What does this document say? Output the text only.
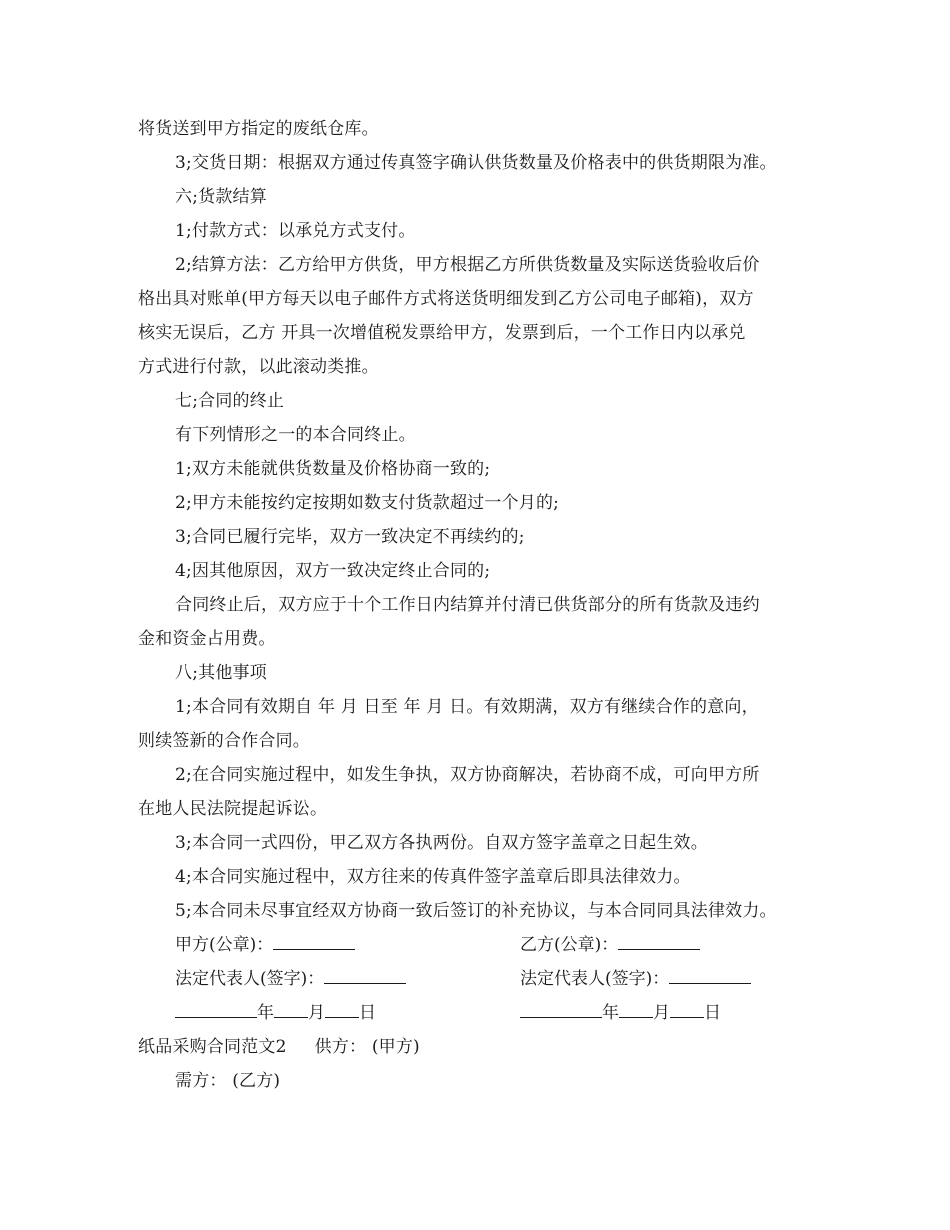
将货送到甲方指定的废纸仓库。
3;交货日期：根据双方通过传真签字确认供货数量及价格表中的供货期限为准。
六;货款结算
1;付款方式：以承兑方式支付。
2;结算方法：乙方给甲方供货，甲方根据乙方所供货数量及实际送货验收后价
格出具对账单(甲方每天以电子邮件方式将送货明细发到乙方公司电子邮箱)，双方
核实无误后，乙方 开具一次增值税发票给甲方，发票到后，一个工作日内以承兑
方式进行付款，以此滚动类推。
七;合同的终止
有下列情形之一的本合同终止。
1;双方未能就供货数量及价格协商一致的;
2;甲方未能按约定按期如数支付货款超过一个月的;
3;合同已履行完毕，双方一致决定不再续约的;
4;因其他原因，双方一致决定终止合同的;
合同终止后，双方应于十个工作日内结算并付清已供货部分的所有货款及违约
金和资金占用费。
八;其他事项
1;本合同有效期自 年 月 日至 年 月 日。有效期满，双方有继续合作的意向，
则续签新的合作合同。
2;在合同实施过程中，如发生争执，双方协商解决，若协商不成，可向甲方所
在地人民法院提起诉讼。
3;本合同一式四份，甲乙双方各执两份。自双方签字盖章之日起生效。
4;本合同实施过程中，双方往来的传真件签字盖章后即具法律效力。
5;本合同未尽事宜经双方协商一致后签订的补充协议，与本合同同具法律效力。
甲方(公章)：	乙方(公章)：
法定代表人(签字)：	法定代表人(签字)：
年 月 日	年 月 日
纸品采购合同范文2 供方： (甲方)
需方： (乙方)
